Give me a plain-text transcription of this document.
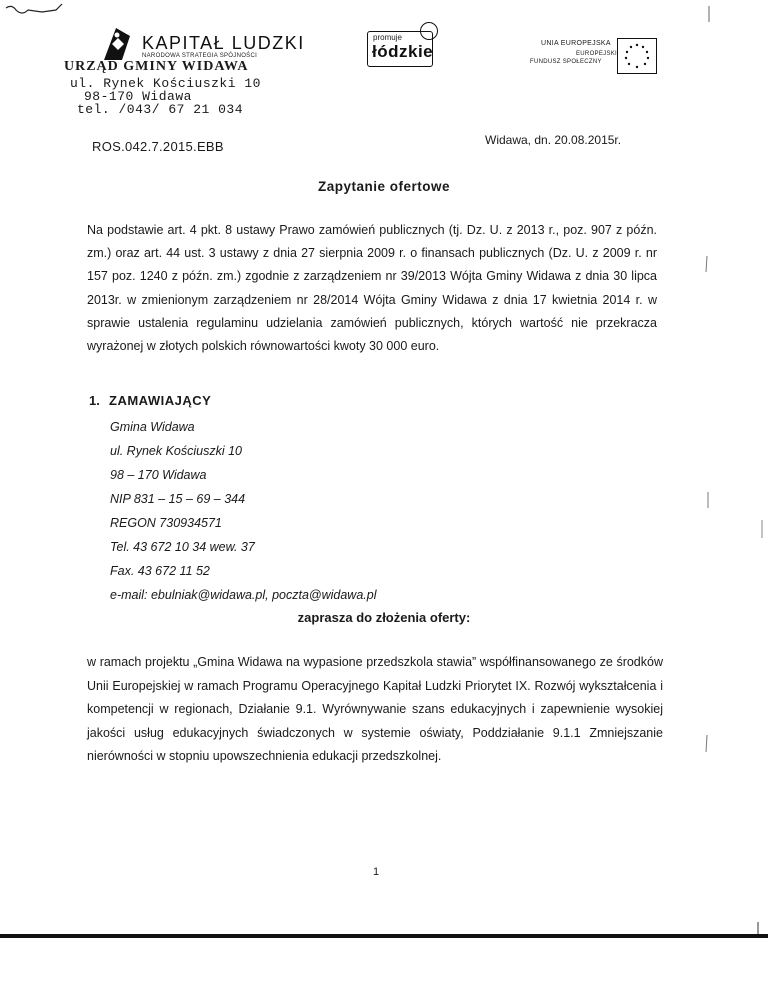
KAPITAŁ LUDZKI
NARODOWA STRATEGIA SPÓJNOŚCI
URZĄD GMINY WIDAWA
ul. Rynek Kościuszki 10
98-170 Widawa
tel. /043/ 67 21 034
promuje
łódzkie	UNIA EUROPEJSKA
EUROPEJSKI
FUNDUSZ SPOŁECZNY
ROS.042.7.2015.EBB	Widawa, dn. 20.08.2015r.
Zapytanie ofertowe
Na podstawie art. 4 pkt. 8 ustawy Prawo zamówień publicznych (tj. Dz. U. z 2013 r., poz. 907 z późn. zm.) oraz art. 44 ust. 3 ustawy z dnia 27 sierpnia 2009 r. o finansach publicznych (Dz. U. z 2009 r. nr 157 poz. 1240 z późn. zm.) zgodnie z zarządzeniem nr 39/2013 Wójta Gminy Widawa z dnia 30 lipca 2013r. w zmienionym zarządzeniem nr 28/2014 Wójta Gminy Widawa z dnia 17 kwietnia 2014 r. w sprawie ustalenia regulaminu udzielania zamówień publicznych, których wartość nie przekracza wyrażonej w złotych polskich równowartości kwoty 30 000 euro.
1. ZAMAWIAJĄCY
Gmina Widawa
ul. Rynek Kościuszki 10
98 – 170 Widawa
NIP 831 – 15 – 69 – 344
REGON 730934571
Tel. 43 672 10 34 wew. 37
Fax. 43 672 11 52
e-mail: ebulniak@widawa.pl, poczta@widawa.pl
zaprasza do złożenia oferty:
w ramach projektu „Gmina Widawa na wypasione przedszkola stawia” współfinansowanego ze środków Unii Europejskiej w ramach Programu Operacyjnego Kapitał Ludzki Priorytet IX. Rozwój wykształcenia i kompetencji w regionach, Działanie 9.1. Wyrównywanie szans edukacyjnych i zapewnienie wysokiej jakości usług edukacyjnych świadczonych w systemie oświaty, Poddziałanie 9.1.1 Zmniejszanie nierówności w stopniu upowszechnienia edukacji przedszkolnej.
1
